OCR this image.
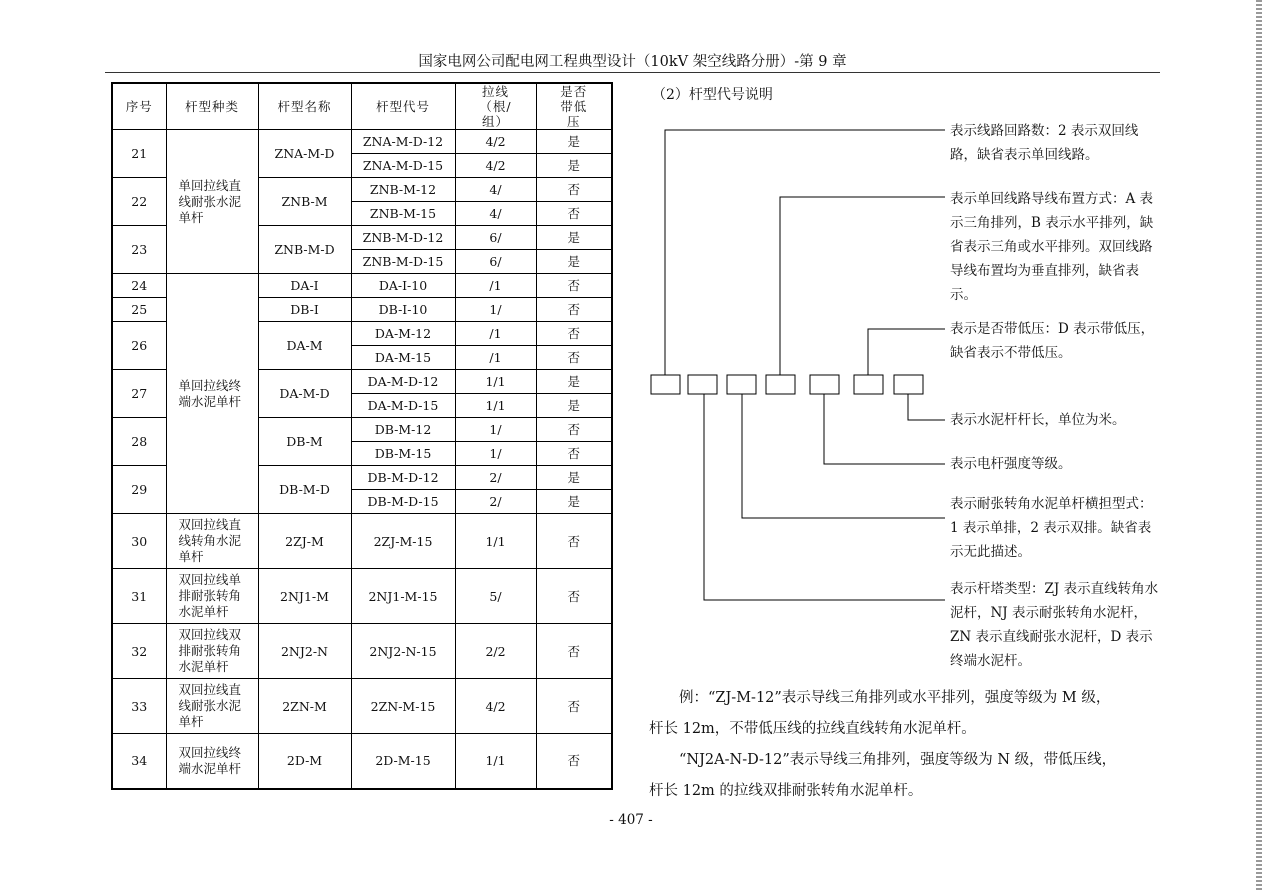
国家电网公司配电网工程典型设计（10kV 架空线路分册）-第 9 章
序号	杆型种类	杆型名称	杆型代号	拉线（根/组）	是否带低压
21	单回拉线直线耐张水泥单杆	ZNA-M-D	ZNA-M-D-12	4/2	是
			ZNA-M-D-15	4/2	是
22		ZNB-M	ZNB-M-12	4/	否
			ZNB-M-15	4/	否
23		ZNB-M-D	ZNB-M-D-12	6/	是
			ZNB-M-D-15	6/	是
24	单回拉线终端水泥单杆	DA-I	DA-I-10	/1	否
25		DB-I	DB-I-10	1/	否
26		DA-M	DA-M-12	/1	否
			DA-M-15	/1	否
27		DA-M-D	DA-M-D-12	1/1	是
			DA-M-D-15	1/1	是
28		DB-M	DB-M-12	1/	否
			DB-M-15	1/	否
29		DB-M-D	DB-M-D-12	2/	是
			DB-M-D-15	2/	是
30	双回拉线直线转角水泥单杆	2ZJ-M	2ZJ-M-15	1/1	否
31	双回拉线单排耐张转角水泥单杆	2NJ1-M	2NJ1-M-15	5/	否
32	双回拉线双排耐张转角水泥单杆	2NJ2-N	2NJ2-N-15	2/2	否
33	双回拉线直线耐张水泥单杆	2ZN-M	2ZN-M-15	4/2	否
34	双回拉线终端水泥单杆	2D-M	2D-M-15	1/1	否
（2）杆型代号说明
表示线路回路数：2 表示双回线路，缺省表示单回线路。
表示单回线路导线布置方式：A 表示三角排列，B 表示水平排列，缺省表示三角或水平排列。双回线路导线布置均为垂直排列，缺省表示。
表示是否带低压：D 表示带低压，缺省表示不带低压。
表示水泥杆杆长，单位为米。
表示电杆强度等级。
表示耐张转角水泥单杆横担型式：1 表示单排，2 表示双排。缺省表示无此描述。
表示杆塔类型：ZJ 表示直线转角水泥杆，NJ 表示耐张转角水泥杆，ZN 表示直线耐张水泥杆，D 表示终端水泥杆。
例：“ZJ-M-12”表示导线三角排列或水平排列，强度等级为 M 级，
杆长 12m，不带低压线的拉线直线转角水泥单杆。
“NJ2A-N-D-12”表示导线三角排列，强度等级为 N 级，带低压线，
杆长 12m 的拉线双排耐张转角水泥单杆。
- 407 -
